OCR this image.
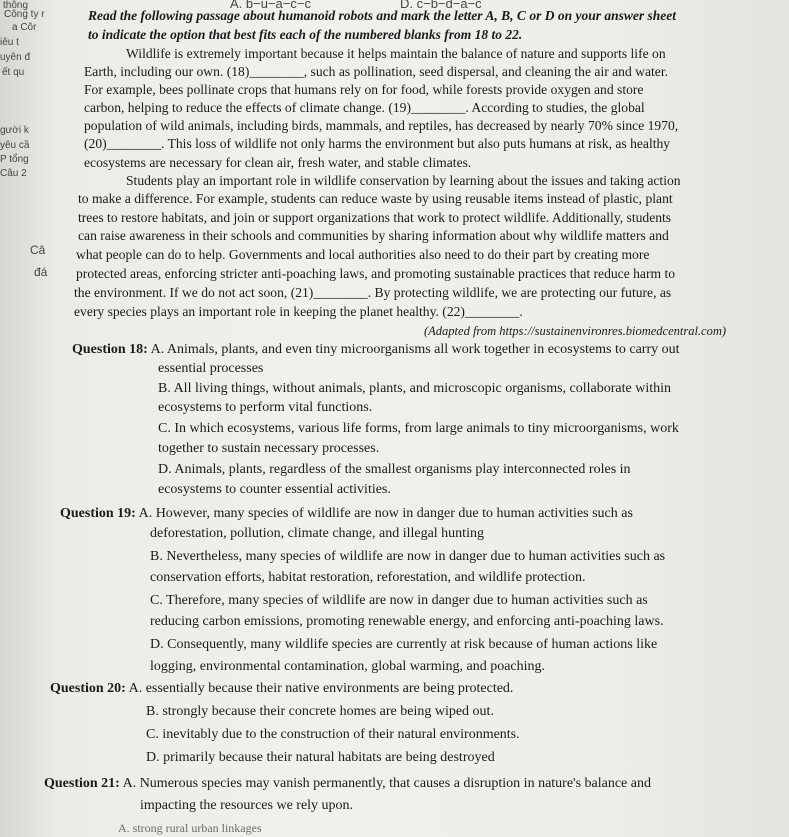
thông	A. b−u−a−c−c	D. c−b−d−a−c
Công ty r
a Côr
iêu t
uyên đ
ết qu
gười k
yêu cầ
P tổng
Câu 2
Câ
đá
Read the following passage about humanoid robots and mark the letter A, B, C or D on your answer sheet
to indicate the option that best fits each of the numbered blanks from 18 to 22.
Wildlife is extremely important because it helps maintain the balance of nature and supports life on
Earth, including our own. (18)________, such as pollination, seed dispersal, and cleaning the air and water.
For example, bees pollinate crops that humans rely on for food, while forests provide oxygen and store
carbon, helping to reduce the effects of climate change. (19)________. According to studies, the global
population of wild animals, including birds, mammals, and reptiles, has decreased by nearly 70% since 1970,
(20)________. This loss of wildlife not only harms the environment but also puts humans at risk, as healthy
ecosystems are necessary for clean air, fresh water, and stable climates.
Students play an important role in wildlife conservation by learning about the issues and taking action
to make a difference. For example, students can reduce waste by using reusable items instead of plastic, plant
trees to restore habitats, and join or support organizations that work to protect wildlife. Additionally, students
can raise awareness in their schools and communities by sharing information about why wildlife matters and
what people can do to help. Governments and local authorities also need to do their part by creating more
protected areas, enforcing stricter anti-poaching laws, and promoting sustainable practices that reduce harm to
the environment. If we do not act soon, (21)________. By protecting wildlife, we are protecting our future, as
every species plays an important role in keeping the planet healthy. (22)________.
(Adapted from https://sustainenvironres.biomedcentral.com)
Question 18: A. Animals, plants, and even tiny microorganisms all work together in ecosystems to carry out
essential processes
B. All living things, without animals, plants, and microscopic organisms, collaborate within
ecosystems to perform vital functions.
C. In which ecosystems, various life forms, from large animals to tiny microorganisms, work
together to sustain necessary processes.
D. Animals, plants, regardless of the smallest organisms play interconnected roles in
ecosystems to counter essential activities.
Question 19: A. However, many species of wildlife are now in danger due to human activities such as
deforestation, pollution, climate change, and illegal hunting
B. Nevertheless, many species of wildlife are now in danger due to human activities such as
conservation efforts, habitat restoration, reforestation, and wildlife protection.
C. Therefore, many species of wildlife are now in danger due to human activities such as
reducing carbon emissions, promoting renewable energy, and enforcing anti-poaching laws.
D. Consequently, many wildlife species are currently at risk because of human actions like
logging, environmental contamination, global warming, and poaching.
Question 20: A. essentially because their native environments are being protected.
B. strongly because their concrete homes are being wiped out.
C. inevitably due to the construction of their natural environments.
D. primarily because their natural habitats are being destroyed
Question 21: A. Numerous species may vanish permanently, that causes a disruption in nature's balance and
impacting the resources we rely upon.
A. strong rural urban linkages
